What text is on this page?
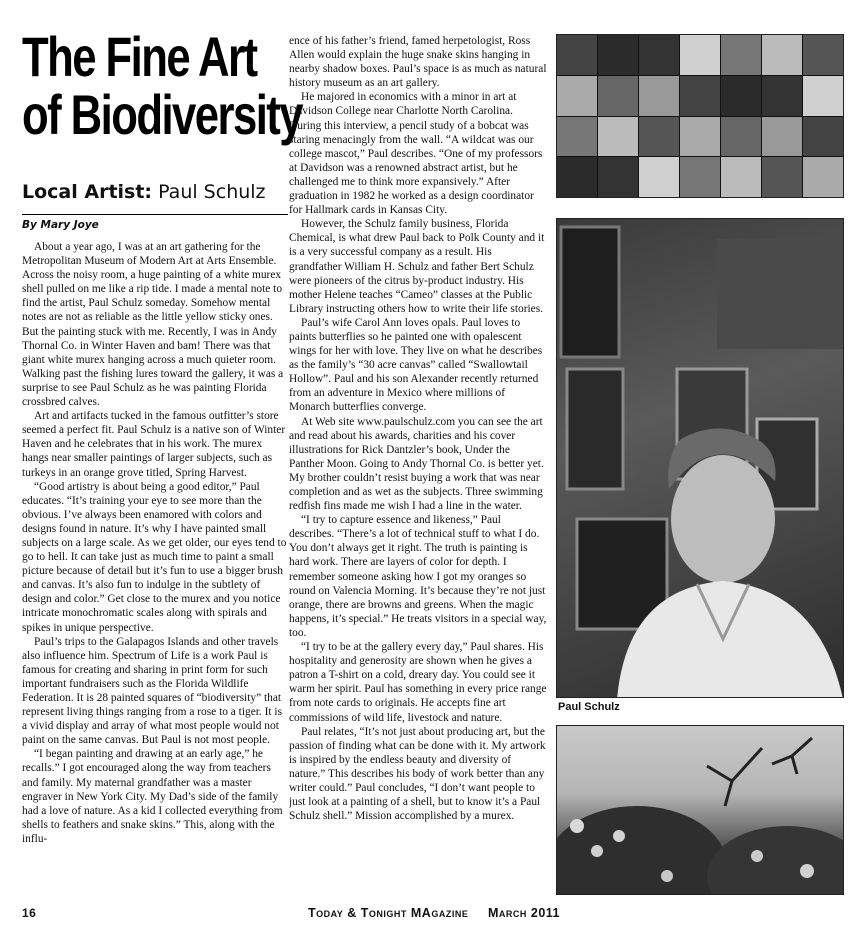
The Fine Art
of Biodiversity
Local Artist: Paul Schulz
By Mary Joye

About a year ago, I was at an art gathering for the Metropolitan Museum of Modern Art at Arts Ensemble. Across the noisy room, a huge painting of a white murex shell pulled on me like a rip tide. I made a mental note to find the artist, Paul Schulz someday. Somehow mental notes are not as reliable as the little yellow sticky ones. But the painting stuck with me. Recently, I was in Andy Thornal Co. in Winter Haven and bam! There was that giant white murex hanging across a much quieter room. Walking past the fishing lures toward the gallery, it was a surprise to see Paul Schulz as he was painting Florida crossbred calves.

Art and artifacts tucked in the famous outfitter’s store seemed a perfect fit. Paul Schulz is a native son of Winter Haven and he celebrates that in his work. The murex hangs near smaller paintings of larger subjects, such as turkeys in an orange grove titled, Spring Harvest.

“Good artistry is about being a good editor,” Paul educates. “It’s training your eye to see more than the obvious. I’ve always been enamored with colors and designs found in nature. It’s why I have painted small subjects on a large scale. As we get older, our eyes tend to go to hell. It can take just as much time to paint a small picture because of detail but it’s fun to use a bigger brush and canvas. It’s also fun to indulge in the subtlety of design and color.” Get close to the murex and you notice intricate monochromatic scales along with spirals and spikes in unique perspective.

Paul’s trips to the Galapagos Islands and other travels also influence him. Spectrum of Life is a work Paul is famous for creating and sharing in print form for such important fundraisers such as the Florida Wildlife Federation. It is 28 painted squares of “biodiversity” that represent living things ranging from a rose to a tiger. It is a vivid display and array of what most people would not paint on the same canvas. But Paul is not most people.

“I began painting and drawing at an early age,” he recalls.” I got encouraged along the way from teachers and family. My maternal grandfather was a master engraver in New York City. My Dad’s side of the family had a love of nature. As a kid I collected everything from shells to feathers and snake skins.” This, along with the influ-

ence of his father’s friend, famed herpetologist, Ross Allen would explain the huge snake skins hanging in nearby shadow boxes. Paul’s space is as much as natural history museum as an art gallery.

He majored in economics with a minor in art at Davidson College near Charlotte North Carolina. During this interview, a pencil study of a bobcat was staring menacingly from the wall. “A wildcat was our college mascot,” Paul describes. “One of my professors at Davidson was a renowned abstract artist, but he challenged me to think more expansively.” After graduation in 1982 he worked as a design coordinator for Hallmark cards in Kansas City.

However, the Schulz family business, Florida Chemical, is what drew Paul back to Polk County and it is a very successful company as a result. His grandfather William H. Schulz and father Bert Schulz were pioneers of the citrus by-product industry. His mother Helene teaches “Cameo” classes at the Public Library instructing others how to write their life stories.

Paul’s wife Carol Ann loves opals. Paul loves to paints butterflies so he painted one with opalescent wings for her with love. They live on what he describes as the family’s “30 acre canvas” called “Swallowtail Hollow”. Paul and his son Alexander recently returned from an adventure in Mexico where millions of Monarch butterflies converge.

At Web site www.paulschulz.com you can see the art and read about his awards, charities and his cover illustrations for Rick Dantzler’s book, Under the Panther Moon. Going to Andy Thornal Co. is better yet. My brother couldn’t resist buying a work that was near completion and as wet as the subjects. Three swimming redfish fins made me wish I had a line in the water.

“I try to capture essence and likeness,” Paul describes. “There’s a lot of technical stuff to what I do. You don’t always get it right. The truth is painting is hard work. There are layers of color for depth. I remember someone asking how I got my oranges so round on Valencia Morning. It’s because they’re not just orange, there are browns and greens. When the magic happens, it’s special.” He treats visitors in a special way, too.

“I try to be at the gallery every day,” Paul shares. His hospitality and generosity are shown when he gives a patron a T-shirt on a cold, dreary day. You could see it warm her spirit. Paul has something in every price range from note cards to originals. He accepts fine art commissions of wild life, livestock and nature.

Paul relates, “It’s not just about producing art, but the passion of finding what can be done with it. My artwork is inspired by the endless beauty and diversity of nature.” This describes his body of work better than any writer could.” Paul concludes, “I don’t want people to just look at a painting of a shell, but to know it’s a Paul Schulz shell.” Mission accomplished by a murex.

Paul Schulz
16	Today & Tonight MAgazine March 2011
